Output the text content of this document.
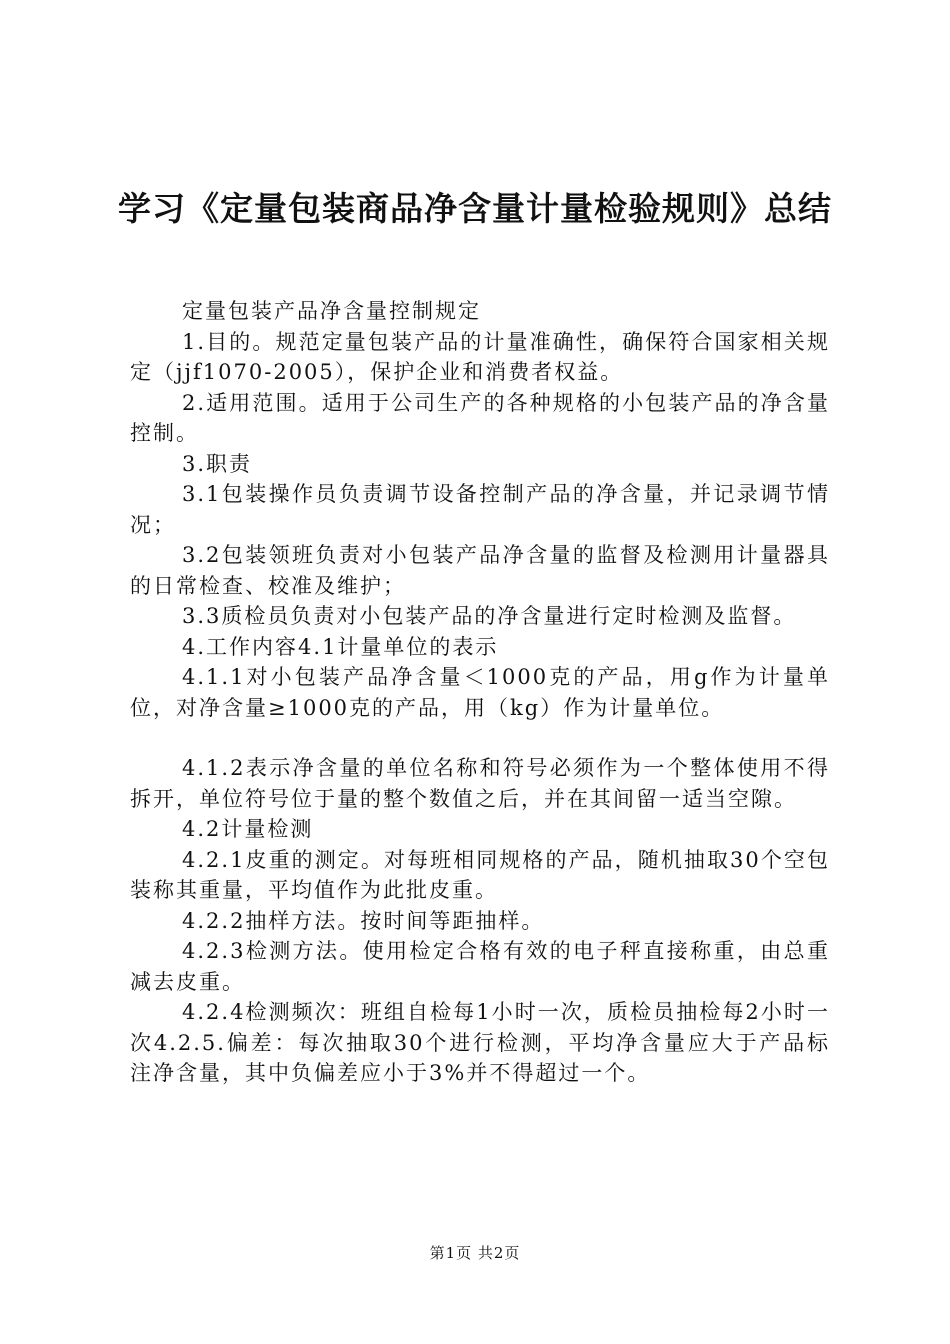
学习《定量包装商品净含量计量检验规则》总结

定量包装产品净含量控制规定

1.目的。规范定量包装产品的计量准确性，确保符合国家相关规定（jjf1070-2005），保护企业和消费者权益。

2.适用范围。适用于公司生产的各种规格的小包装产品的净含量控制。

3.职责

3.1包装操作员负责调节设备控制产品的净含量，并记录调节情况；

3.2包装领班负责对小包装产品净含量的监督及检测用计量器具的日常检查、校准及维护；

3.3质检员负责对小包装产品的净含量进行定时检测及监督。

4.工作内容4.1计量单位的表示

4.1.1对小包装产品净含量＜1000克的产品，用g作为计量单位，对净含量≥1000克的产品，用（kg）作为计量单位。

4.1.2表示净含量的单位名称和符号必须作为一个整体使用不得拆开，单位符号位于量的整个数值之后，并在其间留一适当空隙。

4.2计量检测

4.2.1皮重的测定。对每班相同规格的产品，随机抽取30个空包装称其重量，平均值作为此批皮重。

4.2.2抽样方法。按时间等距抽样。

4.2.3检测方法。使用检定合格有效的电子秤直接称重，由总重减去皮重。

4.2.4检测频次：班组自检每1小时一次，质检员抽检每2小时一次4.2.5.偏差：每次抽取30个进行检测，平均净含量应大于产品标注净含量，其中负偏差应小于3%并不得超过一个。

第1页 共2页
